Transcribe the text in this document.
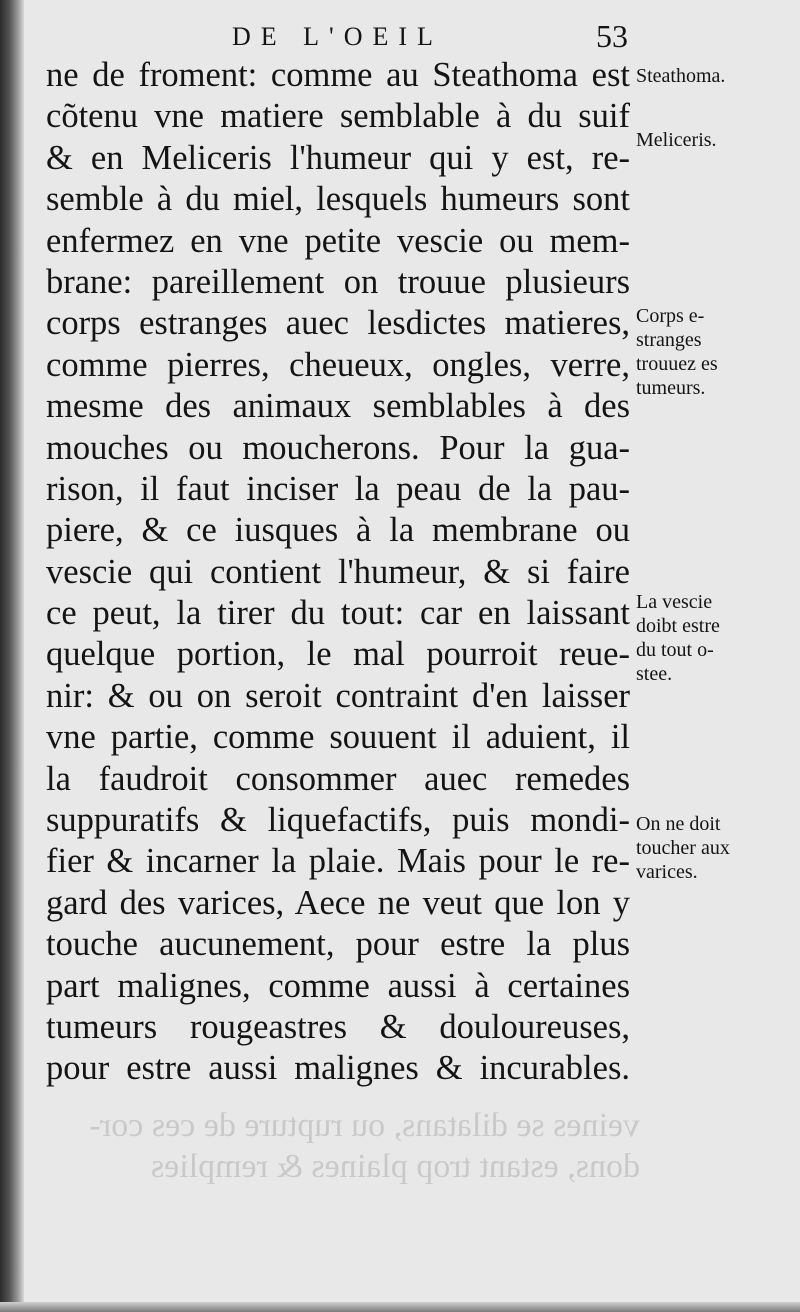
DE L'OEIL	53
veines se dilatans, ou rupture de ces cor-
dons, estant trop plaines & remplies
ne de froment: comme au Steathoma est
cõtenu vne matiere semblable à du suif
& en Meliceris l'humeur qui y est, re-
semble à du miel, lesquels humeurs sont
enfermez en vne petite vescie ou mem-
brane: pareillement on trouue plusieurs
corps estranges auec lesdictes matieres,
comme pierres, cheueux, ongles, verre,
mesme des animaux semblables à des
mouches ou moucherons. Pour la gua-
rison, il faut inciser la peau de la pau-
piere, & ce iusques à la membrane ou
vescie qui contient l'humeur, & si faire
ce peut, la tirer du tout: car en laissant
quelque portion, le mal pourroit reue-
nir: & ou on seroit contraint d'en laisser
vne partie, comme souuent il aduient, il
la faudroit consommer auec remedes
suppuratifs & liquefactifs, puis mondi-
fier & incarner la plaie. Mais pour le re-
gard des varices, Aece ne veut que lon y
touche aucunement, pour estre la plus
part malignes, comme aussi à certaines
tumeurs rougeastres & douloureuses,
pour estre aussi malignes & incurables.
Steathoma.
Meliceris.
Corps e-
stranges
trouuez es
tumeurs.
La vescie
doibt estre
du tout o-
stee.
On ne doit
toucher aux
varices.
